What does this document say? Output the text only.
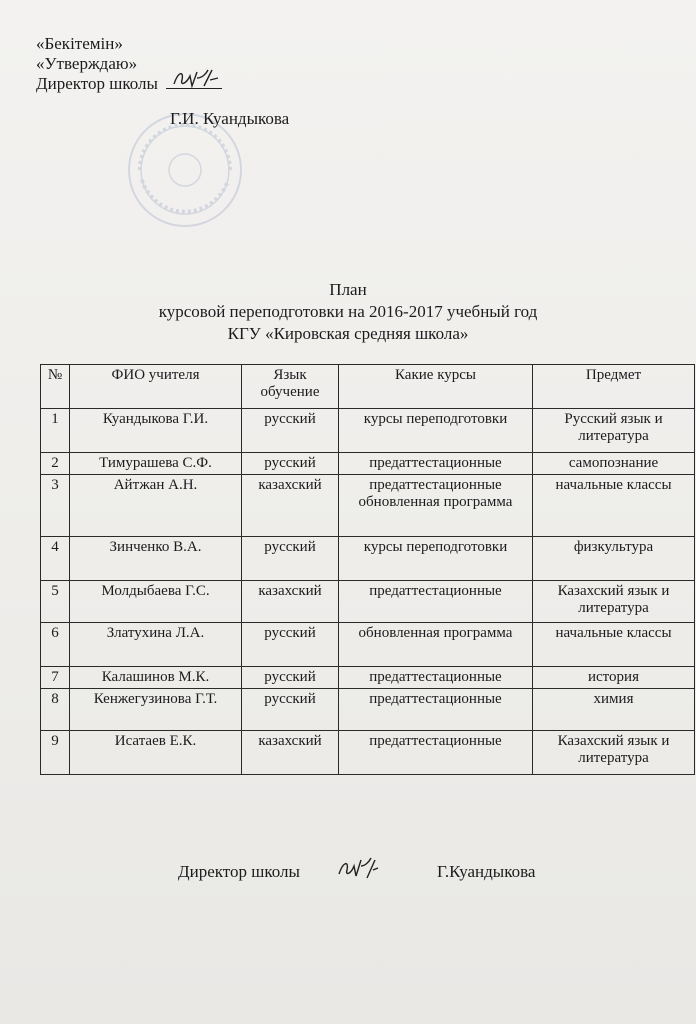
«Бекітемін»
«Утверждаю»
Директор школы
Г.И. Куандыкова
План
курсовой переподготовки на 2016-2017 учебный год
КГУ «Кировская средняя школа»
№	ФИО учителя	Язык обучение	Какие курсы	Предмет
1	Куандыкова Г.И.	русский	курсы переподготовки	Русский язык и литература
2	Тимурашева С.Ф.	русский	предаттестационные	самопознание
3	Айтжан А.Н.	казахский	предаттестационные обновленная программа	начальные классы
4	Зинченко В.А.	русский	курсы переподготовки	физкультура
5	Молдыбаева Г.С.	казахский	предаттестационные	Казахский язык и литература
6	Златухина Л.А.	русский	обновленная программа	начальные классы
7	Калашинов М.К.	русский	предаттестационные	история
8	Кенжегузинова Г.Т.	русский	предаттестационные	химия
9	Исатаев Е.К.	казахский	предаттестационные	Казахский язык и литература
Директор школы	Г.Куандыкова
